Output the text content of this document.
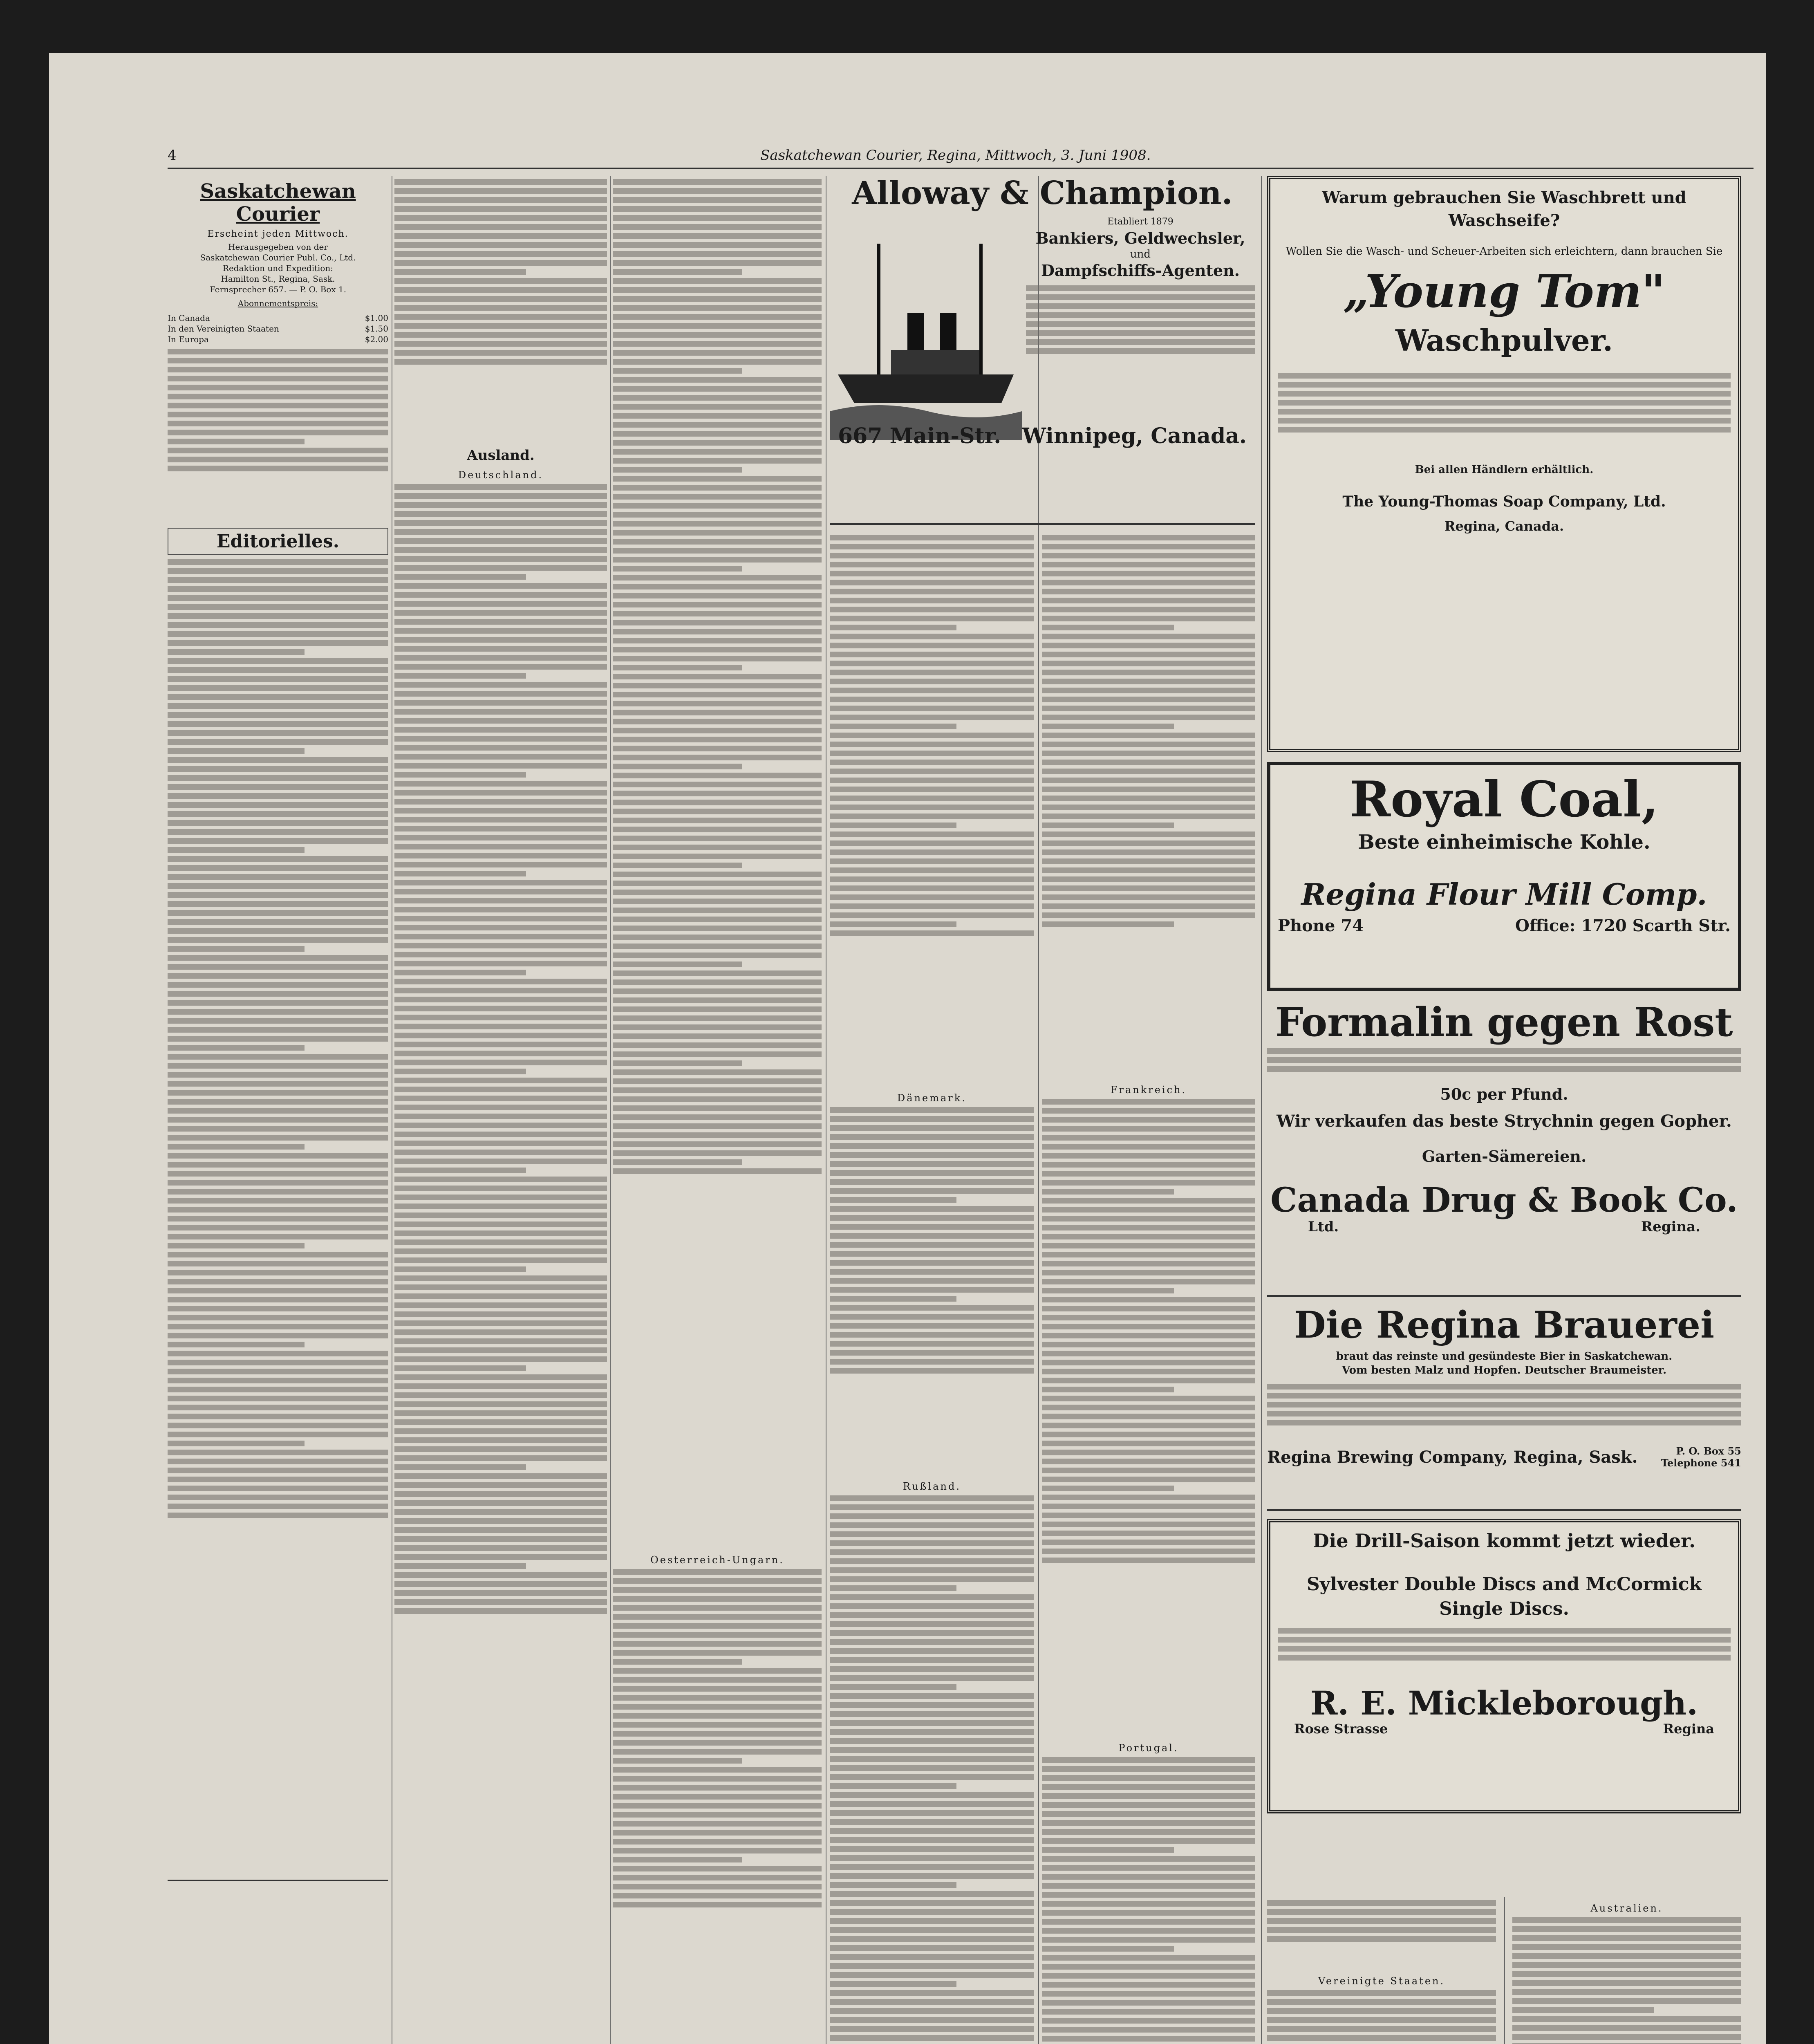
4	Saskatchewan Courier, Regina, Mittwoch, 3. Juni 1908.
Saskatchewan Courier
Erscheint jeden Mittwoch.
Herausgegeben von der
Saskatchewan Courier Publ. Co., Ltd.
Redaktion und Expedition:
Hamilton St., Regina, Sask.
Fernsprecher 657. — P. O. Box 1.
Abonnementspreis:
In Canada	$1.00
In den Vereinigten Staaten	$1.50
In Europa	$2.00
Editorielles.
Ausland.
Deutschland.
Oesterreich-Ungarn.
Alloway & Champion.
Etabliert 1879
Bankiers, Geldwechsler,
und
Dampfschiffs-Agenten.
667 Main-Str. Winnipeg, Canada.
Dänemark.
Rußland.
Frankreich.
Portugal.
Warum gebrauchen Sie Waschbrett und Waschseife?
Wollen Sie die Wasch- und Scheuer-Arbeiten sich erleichtern, dann brauchen Sie
„Young Tom"
Waschpulver.
Bei allen Händlern erhältlich.
The Young-Thomas Soap Company, Ltd.
Regina, Canada.
Royal Coal,
Beste einheimische Kohle.
Regina Flour Mill Comp.
Phone 74	Office: 1720 Scarth Str.
Formalin gegen Rost
50c per Pfund.
Wir verkaufen das beste Strychnin gegen Gopher.
Garten-Sämereien.
Canada Drug & Book Co.
Ltd.	Regina.
Die Regina Brauerei
braut das reinste und gesündeste Bier in Saskatchewan.
Vom besten Malz und Hopfen. Deutscher Braumeister.
Regina Brewing Company, Regina, Sask.	P. O. Box 55
Telephone 541
Die Drill-Saison kommt jetzt wieder.
Sylvester Double Discs and McCormick Single Discs.
R. E. Mickleborough.
Rose Strasse	Regina
Vereinigte Staaten.
Australien.
